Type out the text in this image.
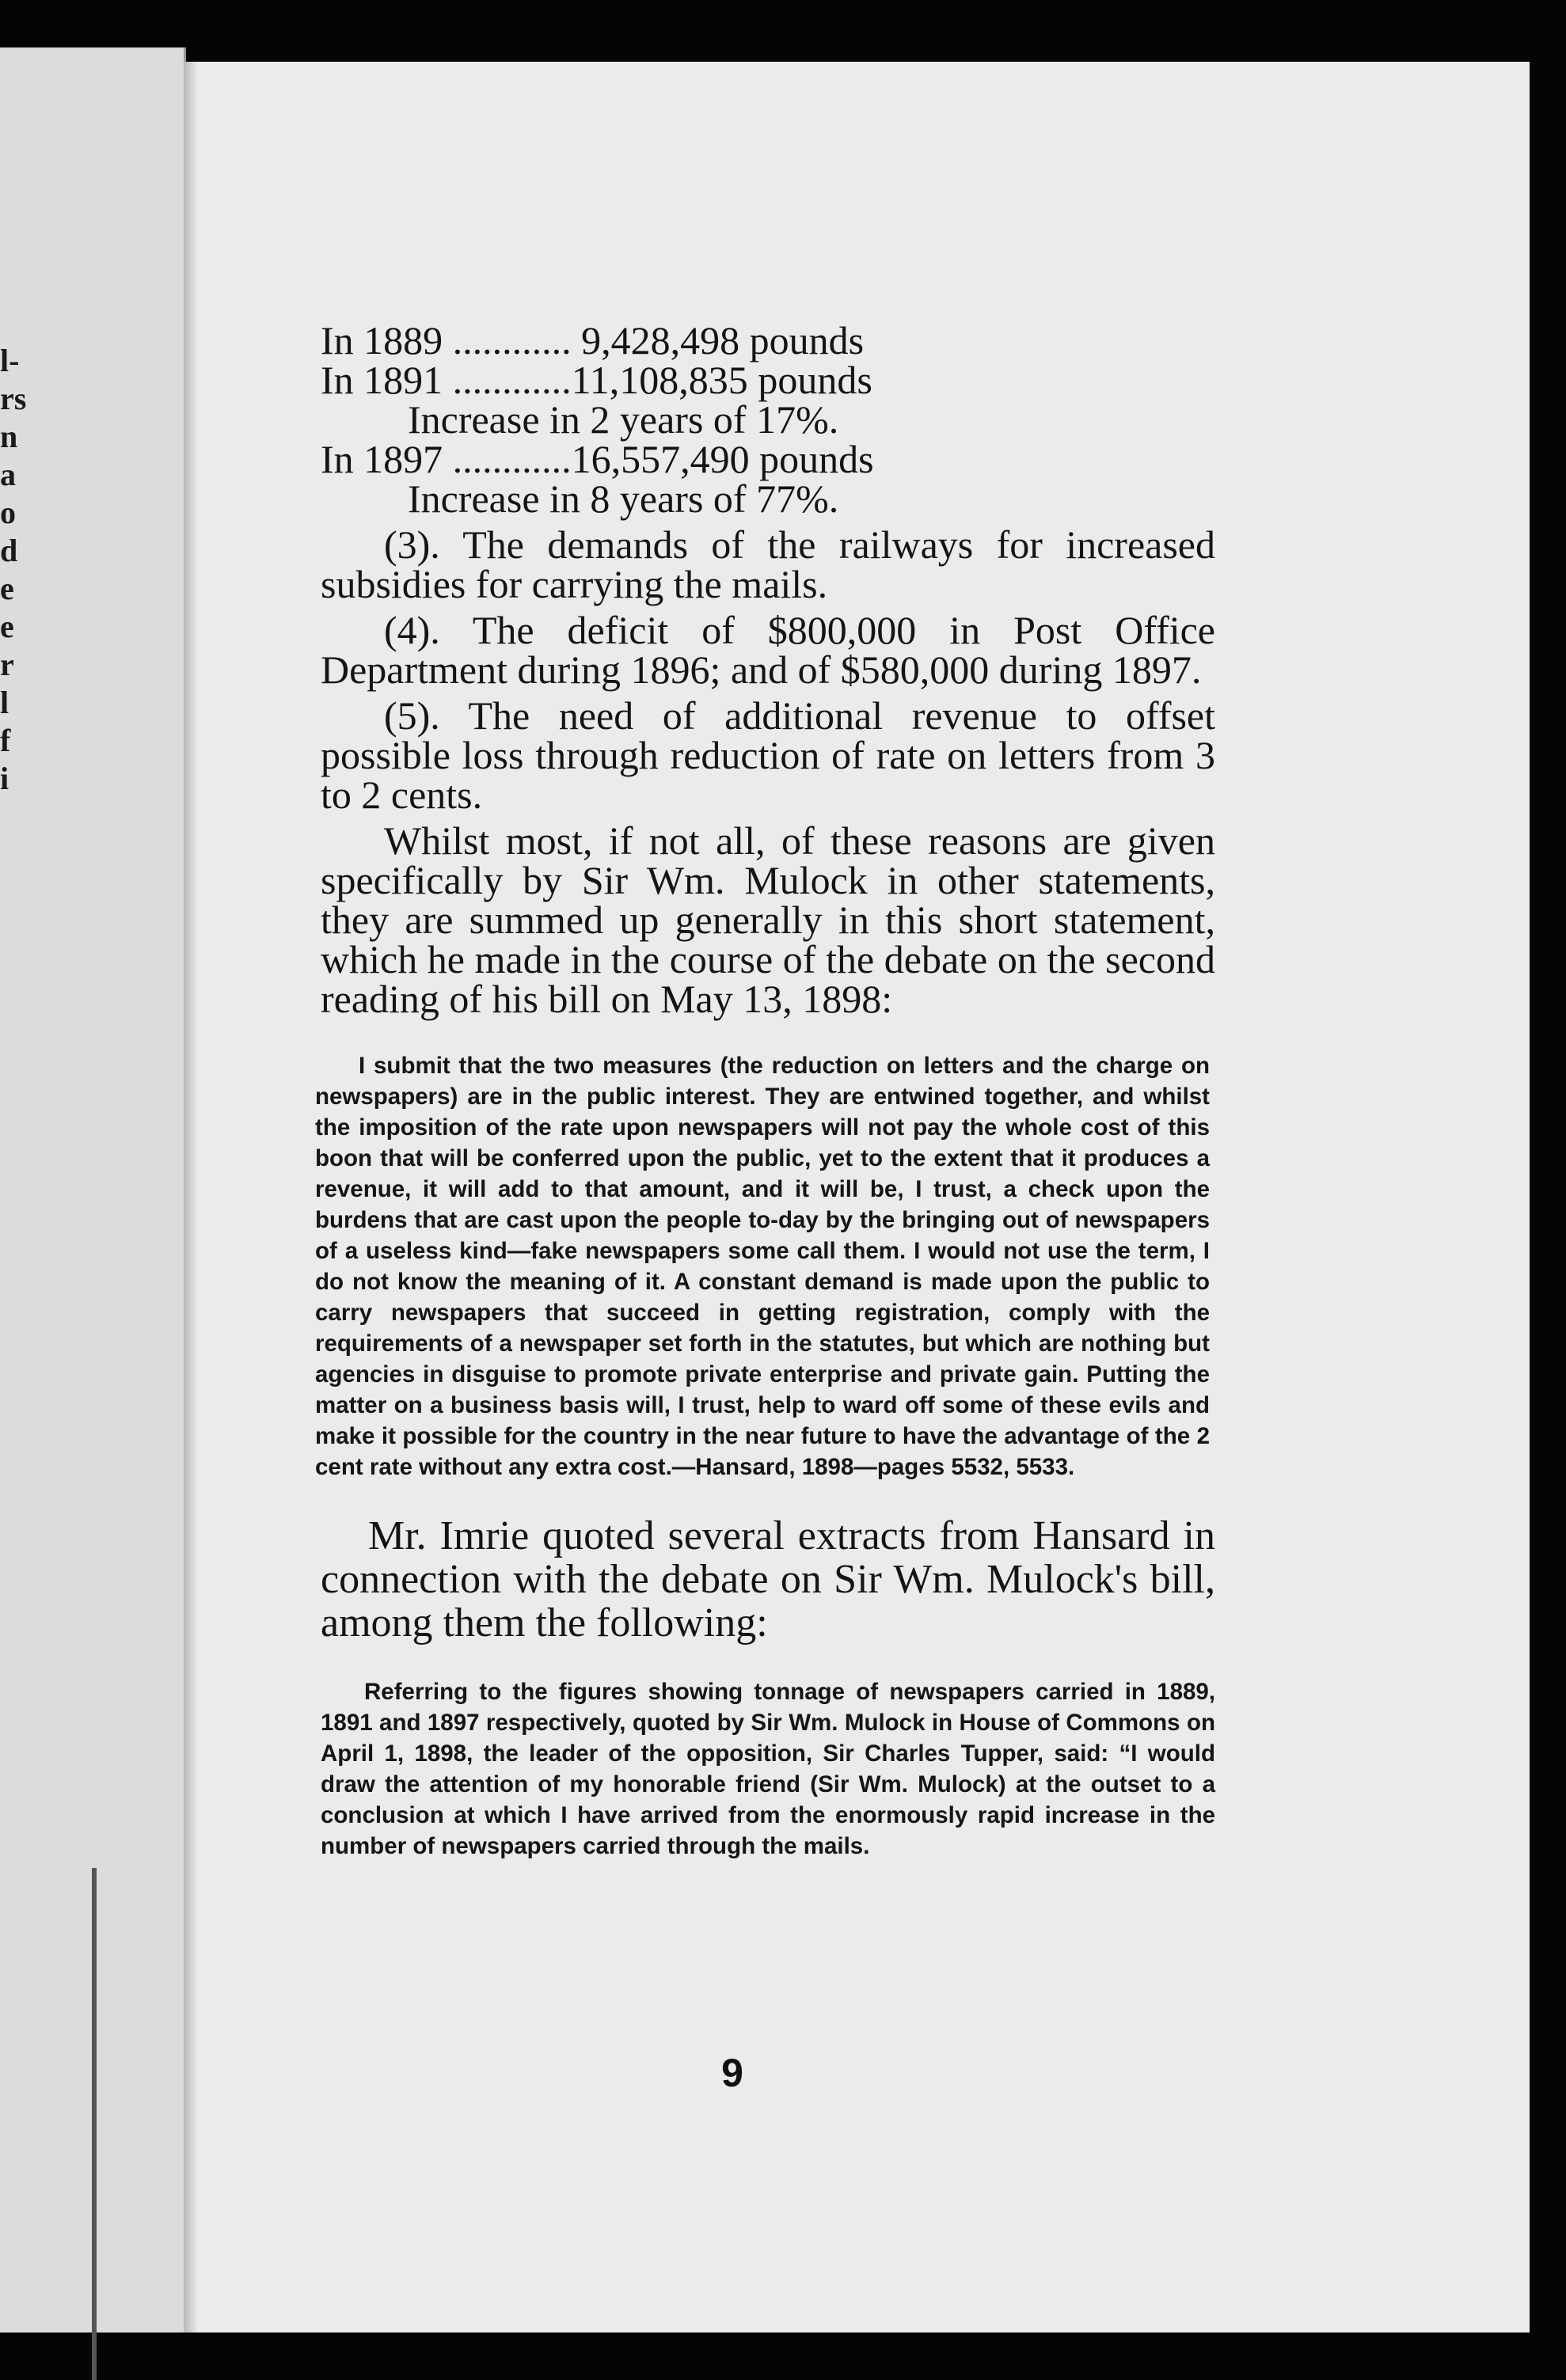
l-
rs
n
a
o
d
e
e
r
l
f
i
In 1889 ............ 9,428,498 pounds
In 1891 ............11,108,835 pounds
Increase in 2 years of 17%.
In 1897 ............16,557,490 pounds
Increase in 8 years of 77%.

(3). The demands of the railways for increased subsidies for carrying the mails.

(4). The deficit of $800,000 in Post Office Department during 1896; and of $580,000 during 1897.

(5). The need of additional revenue to offset possible loss through reduction of rate on letters from 3 to 2 cents.

Whilst most, if not all, of these reasons are given specifically by Sir Wm. Mulock in other statements, they are summed up generally in this short statement, which he made in the course of the debate on the second reading of his bill on May 13, 1898:

I submit that the two measures (the reduction on letters and the charge on newspapers) are in the public interest. They are entwined together, and whilst the imposition of the rate upon newspapers will not pay the whole cost of this boon that will be conferred upon the public, yet to the extent that it produces a revenue, it will add to that amount, and it will be, I trust, a check upon the burdens that are cast upon the people to-day by the bringing out of newspapers of a useless kind—fake newspapers some call them. I would not use the term, I do not know the meaning of it. A constant demand is made upon the public to carry newspapers that succeed in getting registration, comply with the requirements of a newspaper set forth in the statutes, but which are nothing but agencies in disguise to promote private enterprise and private gain. Putting the matter on a business basis will, I trust, help to ward off some of these evils and make it possible for the country in the near future to have the advantage of the 2 cent rate without any extra cost.—Hansard, 1898—pages 5532, 5533.

Mr. Imrie quoted several extracts from Hansard in connection with the debate on Sir Wm. Mulock's bill, among them the following:

Referring to the figures showing tonnage of newspapers carried in 1889, 1891 and 1897 respectively, quoted by Sir Wm. Mulock in House of Commons on April 1, 1898, the leader of the opposition, Sir Charles Tupper, said: “I would draw the attention of my honorable friend (Sir Wm. Mulock) at the outset to a conclusion at which I have arrived from the enormously rapid increase in the number of newspapers carried through the mails.

9
